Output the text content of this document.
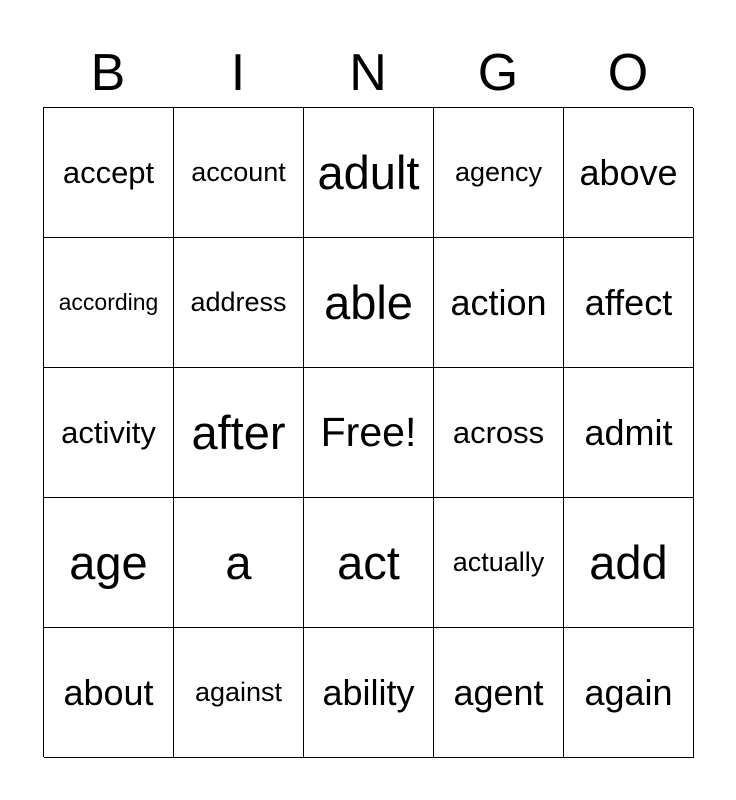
B	I	N	G	O
accept account adult agency above
according address able action affect
activity after Free! across admit
age a act actually add
about against ability agent again
